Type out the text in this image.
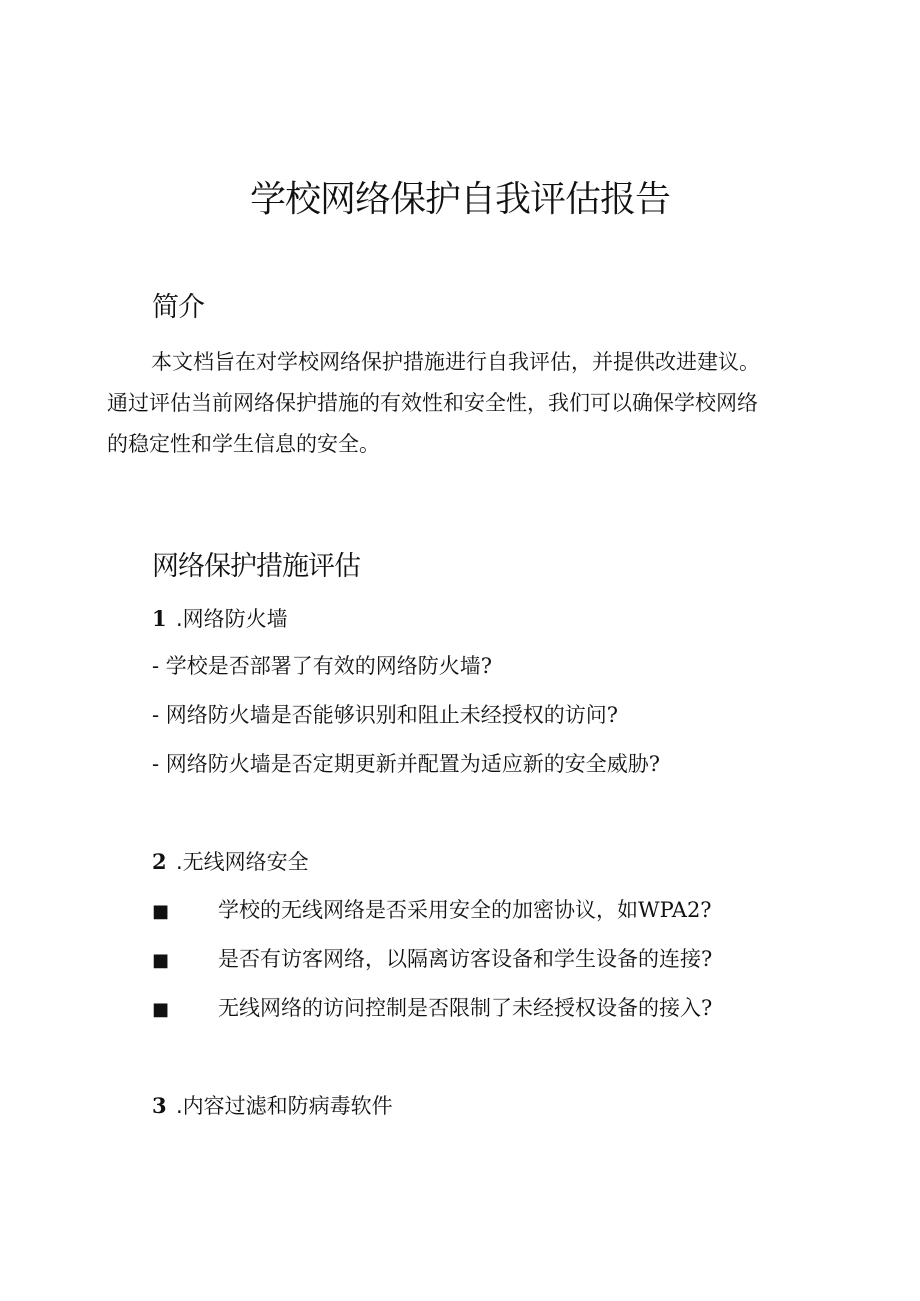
学校网络保护自我评估报告
简介
本文档旨在对学校网络保护措施进行自我评估，并提供改进建议。
通过评估当前网络保护措施的有效性和安全性，我们可以确保学校网络
的稳定性和学生信息的安全。
网络保护措施评估
1 .网络防火墙
- 学校是否部署了有效的网络防火墙?
- 网络防火墙是否能够识别和阻止未经授权的访问?
- 网络防火墙是否定期更新并配置为适应新的安全威胁?
2 .无线网络安全
■ 学校的无线网络是否采用安全的加密协议，如WPA2?
■ 是否有访客网络，以隔离访客设备和学生设备的连接?
■ 无线网络的访问控制是否限制了未经授权设备的接入?
3 .内容过滤和防病毒软件
